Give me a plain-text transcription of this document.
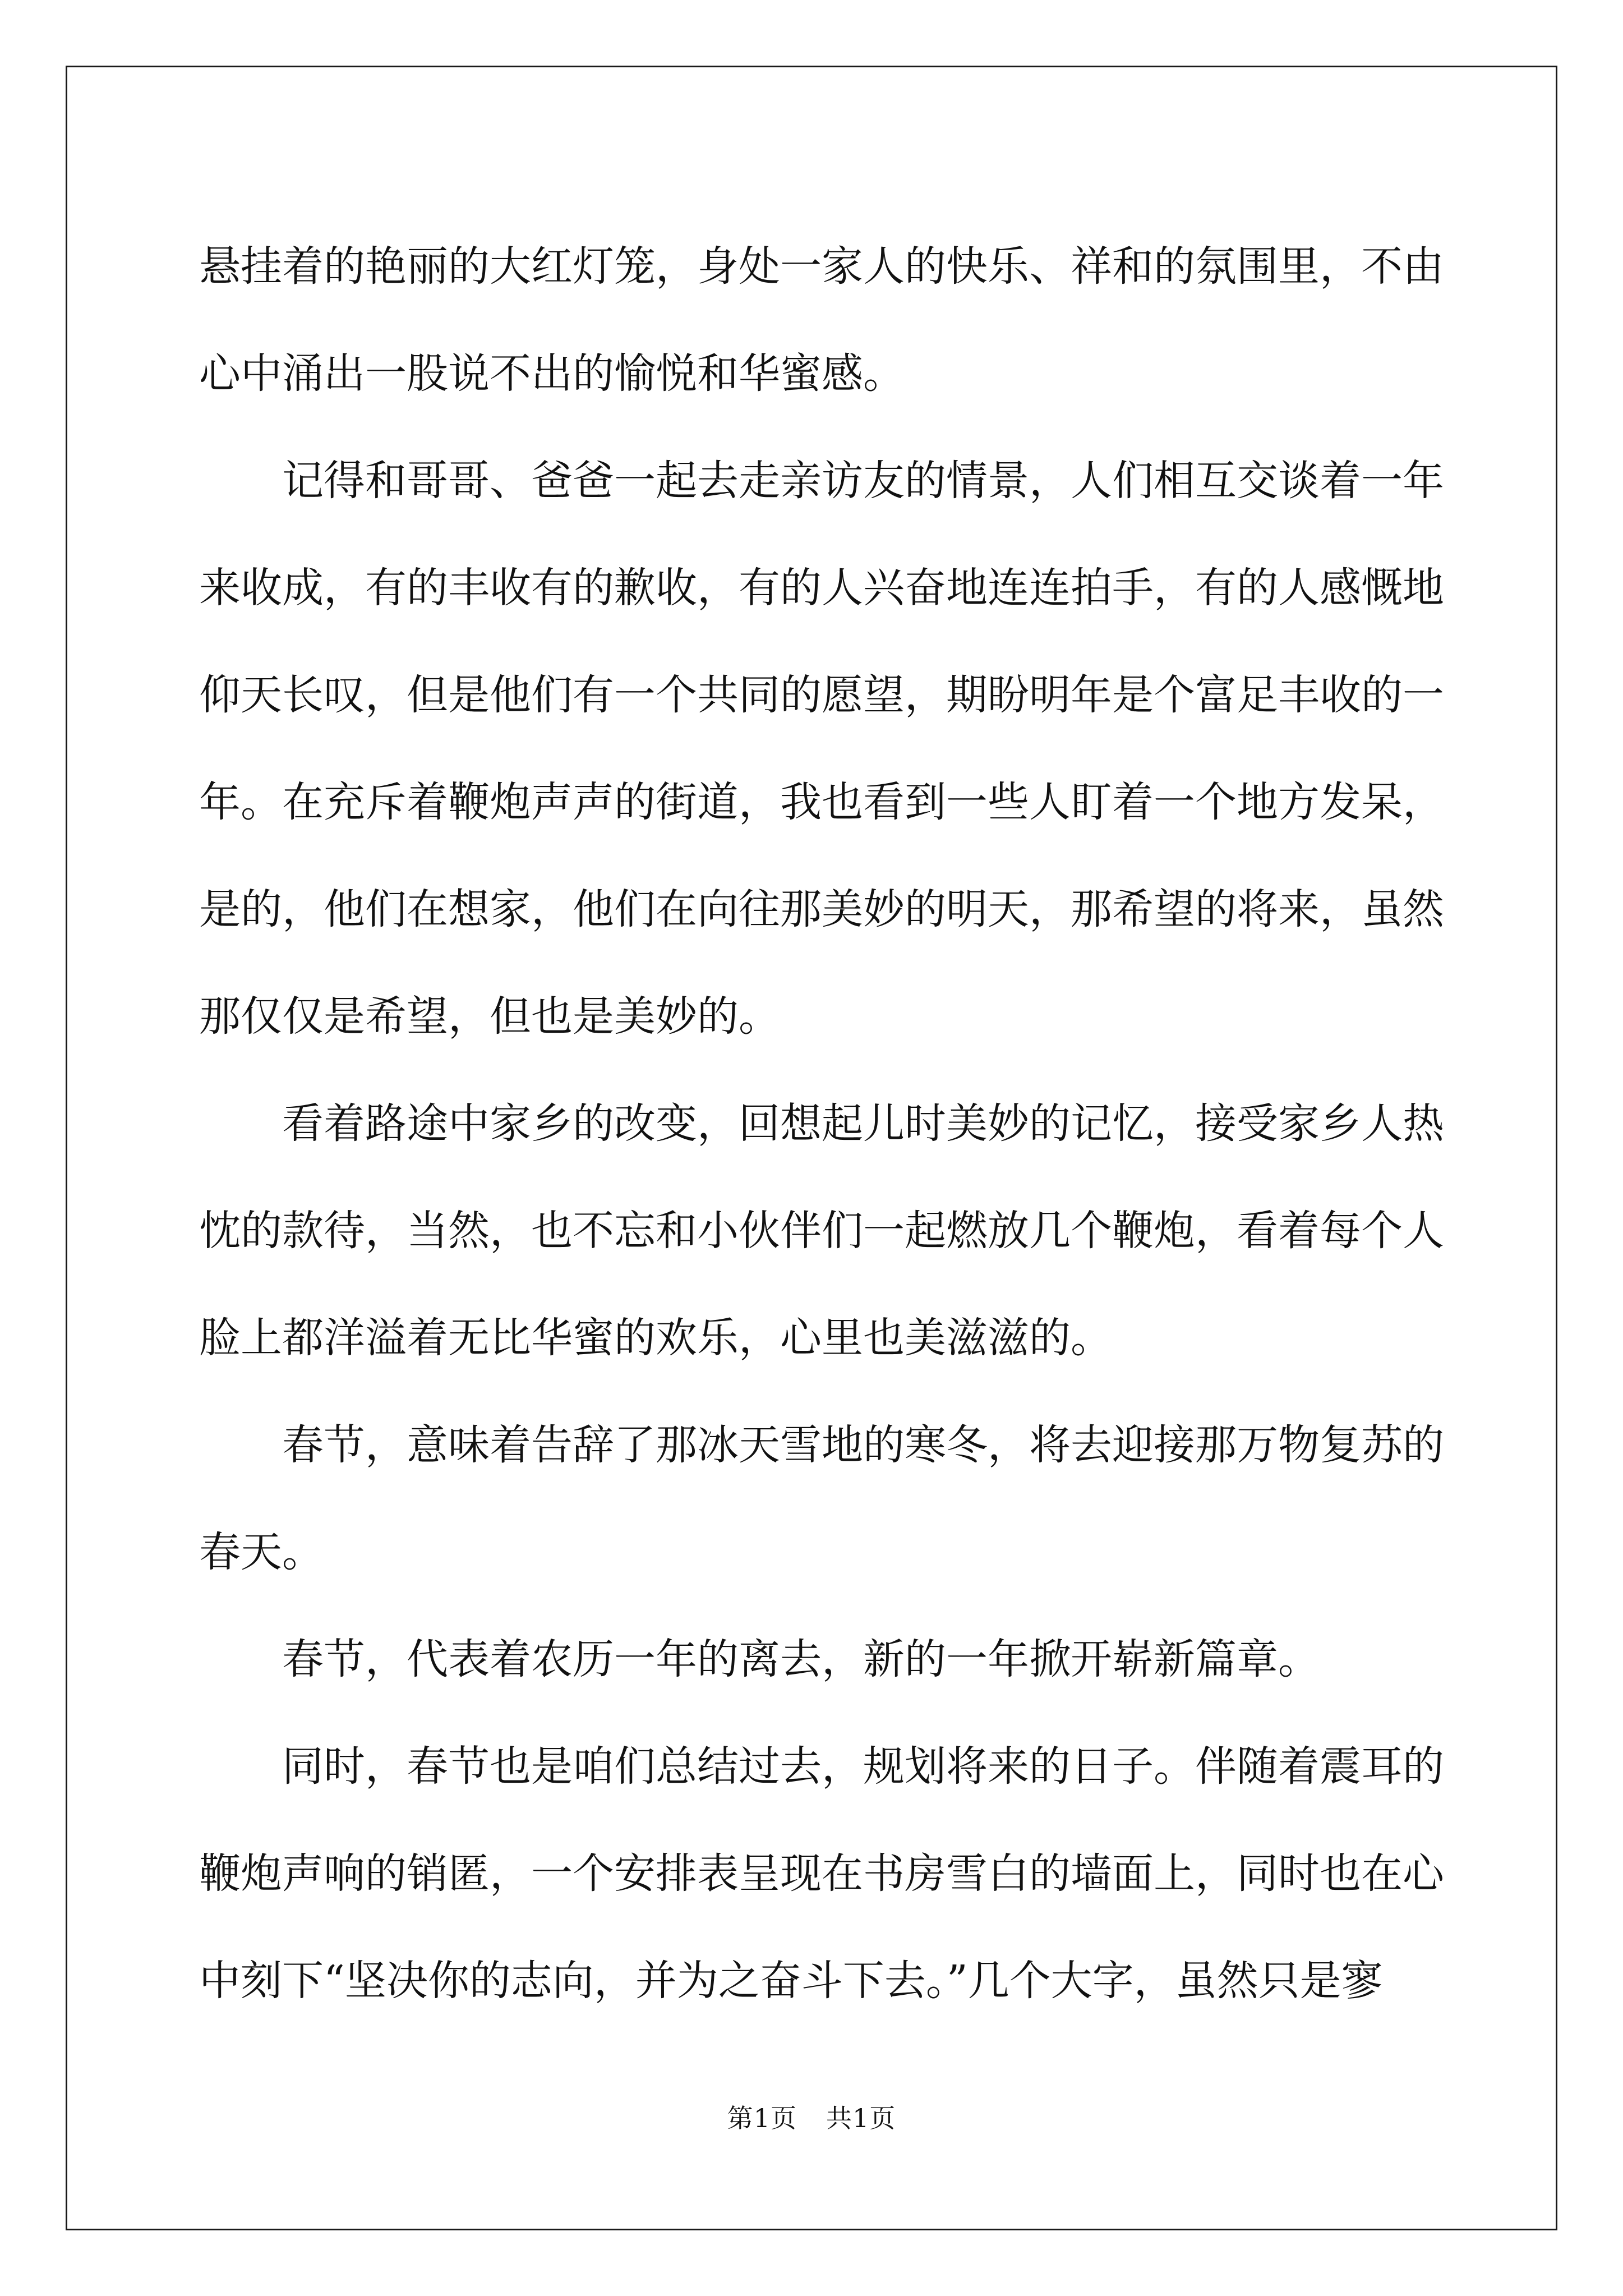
悬挂着的艳丽的大红灯笼，身处一家人的快乐、祥和的氛围里，不由
心中涌出一股说不出的愉悦和华蜜感。
记得和哥哥、爸爸一起去走亲访友的情景，人们相互交谈着一年
来收成，有的丰收有的歉收，有的人兴奋地连连拍手，有的人感慨地
仰天长叹，但是他们有一个共同的愿望，期盼明年是个富足丰收的一
年。在充斥着鞭炮声声的街道，我也看到一些人盯着一个地方发呆，
是的，他们在想家，他们在向往那美妙的明天，那希望的将来，虽然
那仅仅是希望，但也是美妙的。
看着路途中家乡的改变，回想起儿时美妙的记忆，接受家乡人热
忱的款待，当然，也不忘和小伙伴们一起燃放几个鞭炮，看着每个人
脸上都洋溢着无比华蜜的欢乐，心里也美滋滋的。
春节，意味着告辞了那冰天雪地的寒冬，将去迎接那万物复苏的
春天。
春节，代表着农历一年的离去，新的一年掀开崭新篇章。
同时，春节也是咱们总结过去，规划将来的日子。伴随着震耳的
鞭炮声响的销匿，一个安排表呈现在书房雪白的墙面上，同时也在心
中刻下“坚决你的志向，并为之奋斗下去。”几个大字，虽然只是寥
第1页 共1页
